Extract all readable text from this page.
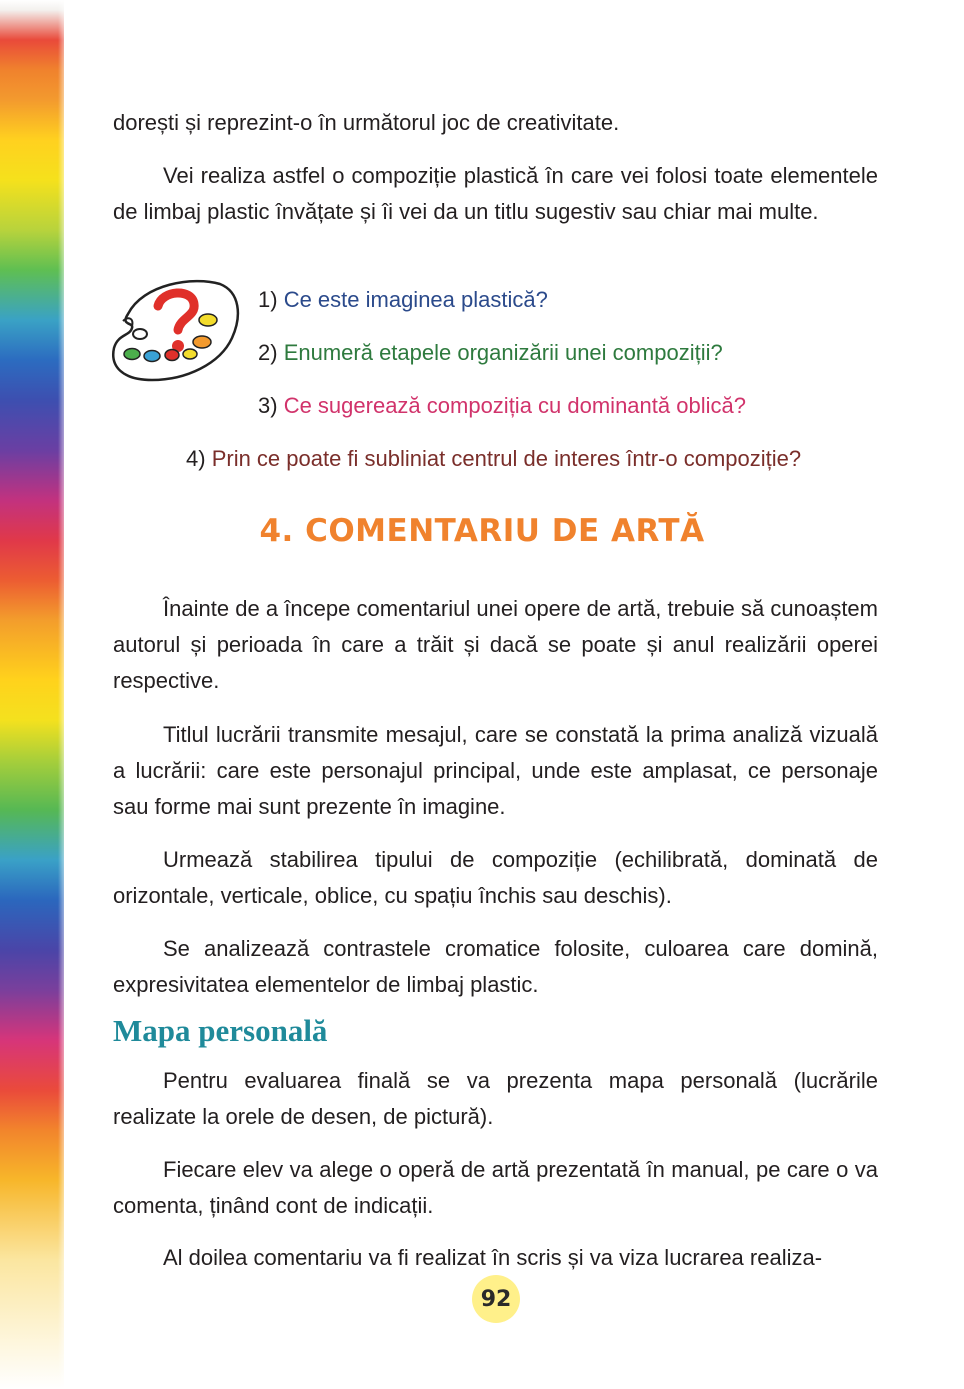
dorești și reprezint-o în următorul joc de creativitate.

Vei realiza astfel o compoziție plastică în care vei folosi toate elementele de limbaj plastic învățate și îi vei da un titlu sugestiv sau chiar mai multe.

1) Ce este imaginea plastică?

2) Enumeră etapele organizării unei compoziții?

3) Ce sugerează compoziția cu dominantă oblică?

4) Prin ce poate fi subliniat centrul de interes într-o compoziție?

4. COMENTARIU DE ARTĂ

Înainte de a începe comentariul unei opere de artă, trebuie să cunoaștem autorul și perioada în care a trăit și dacă se poate și anul realizării operei respective.

Titlul lucrării transmite mesajul, care se constată la prima analiză vizuală a lucrării: care este personajul principal, unde este amplasat, ce personaje sau forme mai sunt prezente în imagine.

Urmează stabilirea tipului de compoziție (echilibrată, dominată de orizontale, verticale, oblice, cu spațiu închis sau deschis).

Se analizează contrastele cromatice folosite, culoarea care domină, expresivitatea elementelor de limbaj plastic.

Mapa personală

Pentru evaluarea finală se va prezenta mapa personală (lucrările realizate la orele de desen, de pictură).

Fiecare elev va alege o operă de artă prezentată în manual, pe care o va comenta, ținând cont de indicații.

Al doilea comentariu va fi realizat în scris și va viza lucrarea realiza-

92
